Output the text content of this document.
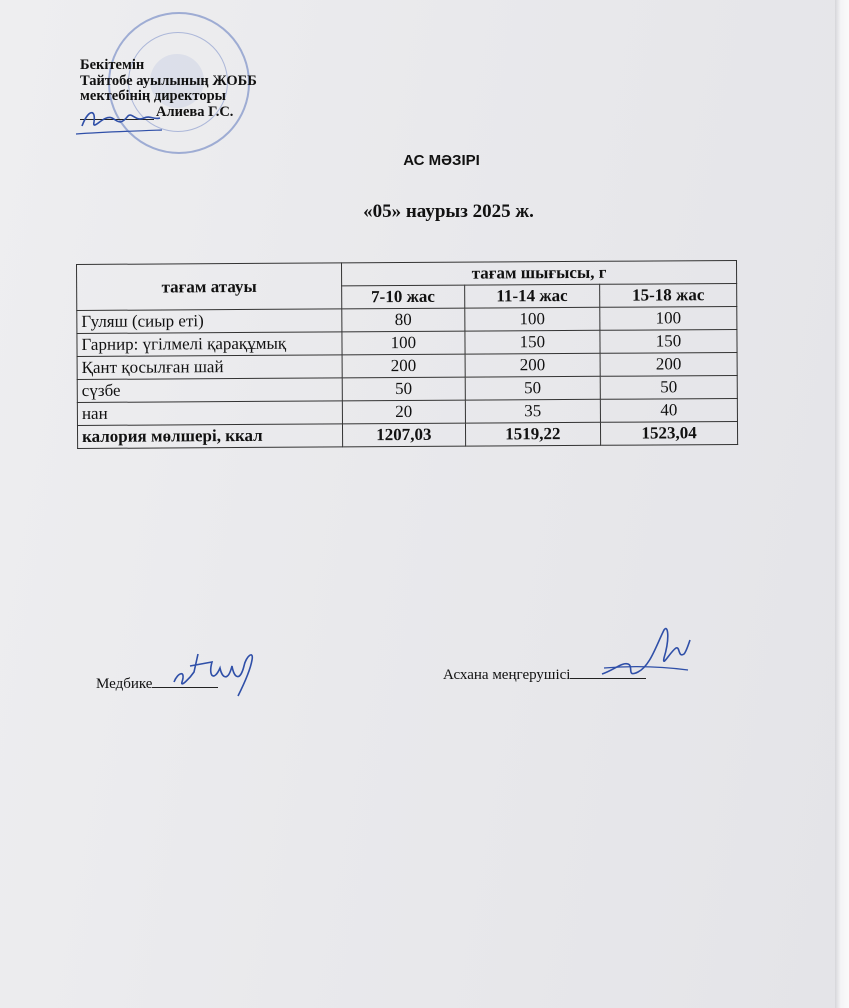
Бекітемін
Тайтобе ауылының ЖОББ
мектебінің директоры
Алиева Г.С.
АС МӘЗІРІ
«05» наурыз 2025 ж.
тағам атауы	тағам шығысы, г		
	7-10 жас	11-14 жас	15-18 жас
Гуляш (сиыр еті)	80	100	100
Гарнир: үгілмелі қарақұмық	100	150	150
Қант қосылған шай	200	200	200
сүзбе	50	50	50
нан	20	35	40
калория мөлшері, ккал	1207,03	1519,22	1523,04
Медбике
Асхана меңгерушісі
